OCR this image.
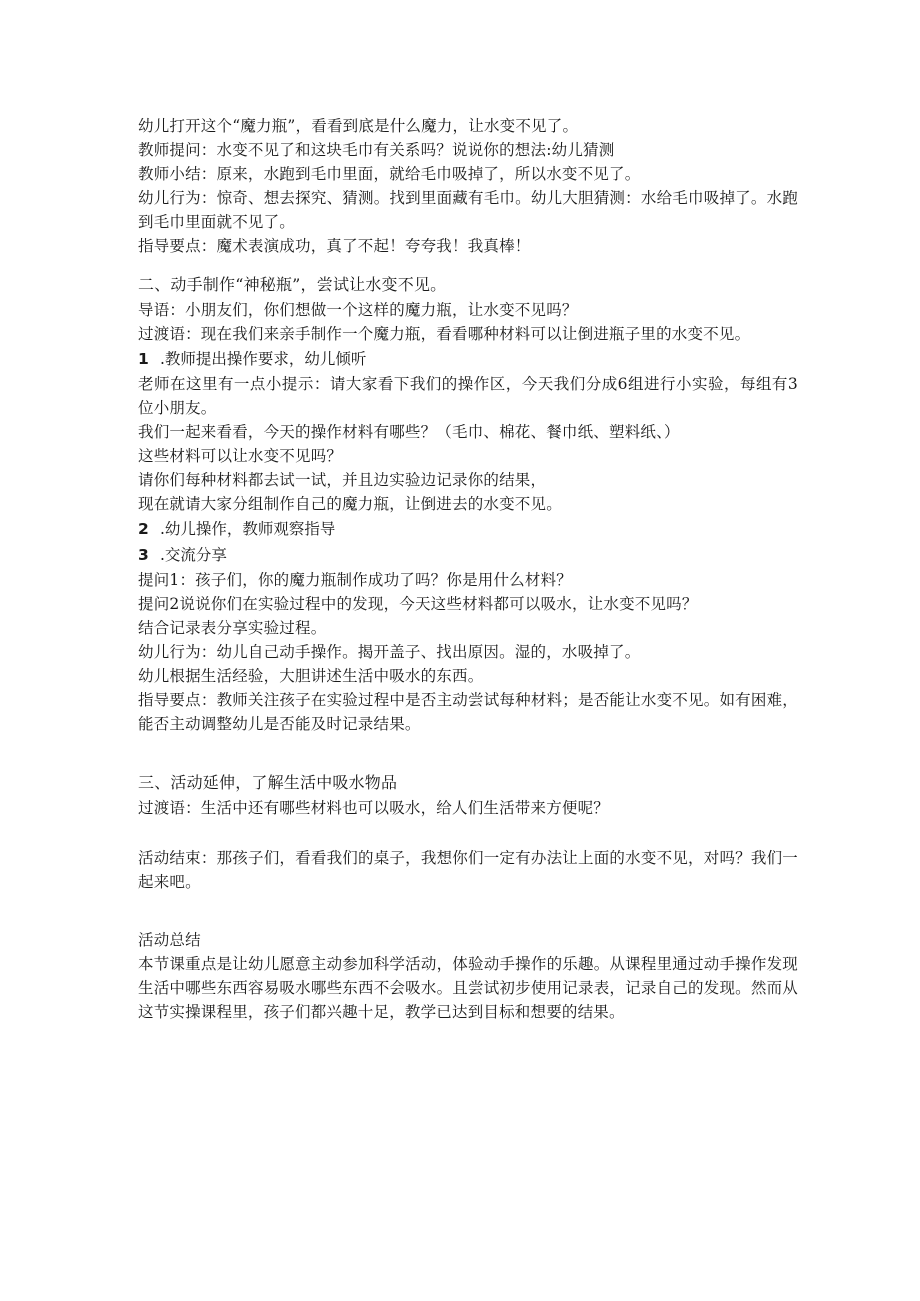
幼儿打开这个“魔力瓶”，看看到底是什么魔力，让水变不见了。

教师提问：水变不见了和这块毛巾有关系吗？说说你的想法:幼儿猜测

教师小结：原来，水跑到毛巾里面，就给毛巾吸掉了，所以水变不见了。

幼儿行为：惊奇、想去探究、猜测。找到里面藏有毛巾。幼儿大胆猜测：水给毛巾吸掉了。水跑到毛巾里面就不见了。

指导要点：魔术表演成功，真了不起！夸夸我！我真棒！

二、动手制作“神秘瓶”，尝试让水变不见。

导语：小朋友们，你们想做一个这样的魔力瓶，让水变不见吗？

过渡语：现在我们来亲手制作一个魔力瓶，看看哪种材料可以让倒进瓶子里的水变不见。

1 .教师提出操作要求，幼儿倾听

老师在这里有一点小提示：请大家看下我们的操作区，今天我们分成6组进行小实验，每组有3位小朋友。

我们一起来看看，今天的操作材料有哪些？（毛巾、棉花、餐巾纸、塑料纸、）

这些材料可以让水变不见吗？

请你们每种材料都去试一试，并且边实验边记录你的结果，

现在就请大家分组制作自己的魔力瓶，让倒进去的水变不见。

2 .幼儿操作，教师观察指导

3 .交流分享

提问1：孩子们，你的魔力瓶制作成功了吗？你是用什么材料？

提问2说说你们在实验过程中的发现，今天这些材料都可以吸水，让水变不见吗？

结合记录表分享实验过程。

幼儿行为：幼儿自己动手操作。揭开盖子、找出原因。湿的，水吸掉了。

幼儿根据生活经验，大胆讲述生活中吸水的东西。

指导要点：教师关注孩子在实验过程中是否主动尝试每种材料；是否能让水变不见。如有困难，能否主动调整幼儿是否能及时记录结果。

三、活动延伸，了解生活中吸水物品

过渡语：生活中还有哪些材料也可以吸水，给人们生活带来方便呢？

活动结束：那孩子们，看看我们的桌子，我想你们一定有办法让上面的水变不见，对吗？我们一起来吧。

活动总结

本节课重点是让幼儿愿意主动参加科学活动，体验动手操作的乐趣。从课程里通过动手操作发现生活中哪些东西容易吸水哪些东西不会吸水。且尝试初步使用记录表，记录自己的发现。然而从这节实操课程里，孩子们都兴趣十足，教学已达到目标和想要的结果。
